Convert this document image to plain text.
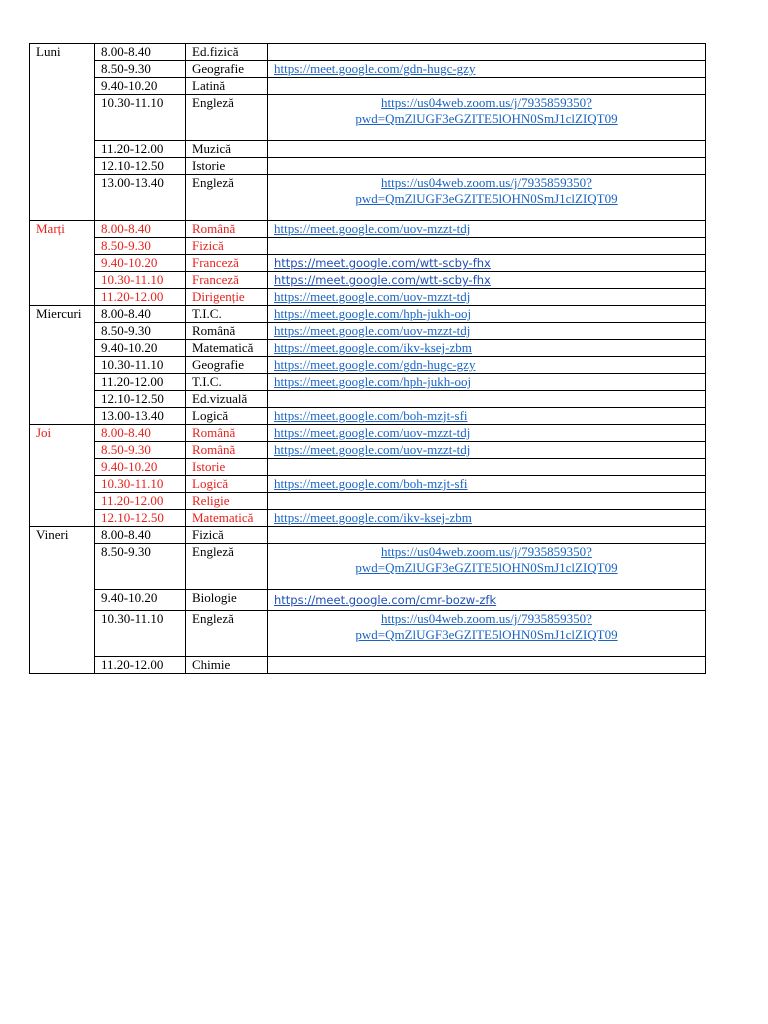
Luni	8.00-8.40	Ed.fizică	
	8.50-9.30	Geografie	https://meet.google.com/gdn-hugc-gzy
	9.40-10.20	Latină	
	10.30-11.10	Engleză	https://us04web.zoom.us/j/7935859350?
pwd=QmZlUGF3eGZITE5lOHN0SmJ1clZIQT09
	11.20-12.00	Muzică	
	12.10-12.50	Istorie	
	13.00-13.40	Engleză	https://us04web.zoom.us/j/7935859350?
pwd=QmZlUGF3eGZITE5lOHN0SmJ1clZIQT09
Marți	8.00-8.40	Română	https://meet.google.com/uov-mzzt-tdj
	8.50-9.30	Fizică	
	9.40-10.20	Franceză	https://meet.google.com/wtt-scby-fhx
	10.30-11.10	Franceză	https://meet.google.com/wtt-scby-fhx
	11.20-12.00	Dirigenție	https://meet.google.com/uov-mzzt-tdj
Miercuri	8.00-8.40	T.I.C.	https://meet.google.com/hph-jukh-ooj
	8.50-9.30	Română	https://meet.google.com/uov-mzzt-tdj
	9.40-10.20	Matematică	https://meet.google.com/ikv-ksej-zbm
	10.30-11.10	Geografie	https://meet.google.com/gdn-hugc-gzy
	11.20-12.00	T.I.C.	https://meet.google.com/hph-jukh-ooj
	12.10-12.50	Ed.vizuală	
	13.00-13.40	Logică	https://meet.google.com/boh-mzjt-sfi
Joi	8.00-8.40	Română	https://meet.google.com/uov-mzzt-tdj
	8.50-9.30	Română	https://meet.google.com/uov-mzzt-tdj
	9.40-10.20	Istorie	
	10.30-11.10	Logică	https://meet.google.com/boh-mzjt-sfi
	11.20-12.00	Religie	
	12.10-12.50	Matematică	https://meet.google.com/ikv-ksej-zbm
Vineri	8.00-8.40	Fizică	
	8.50-9.30	Engleză	https://us04web.zoom.us/j/7935859350?
pwd=QmZlUGF3eGZITE5lOHN0SmJ1clZIQT09
	9.40-10.20	Biologie	https://meet.google.com/cmr-bozw-zfk
	10.30-11.10	Engleză	https://us04web.zoom.us/j/7935859350?
pwd=QmZlUGF3eGZITE5lOHN0SmJ1clZIQT09
	11.20-12.00	Chimie	
